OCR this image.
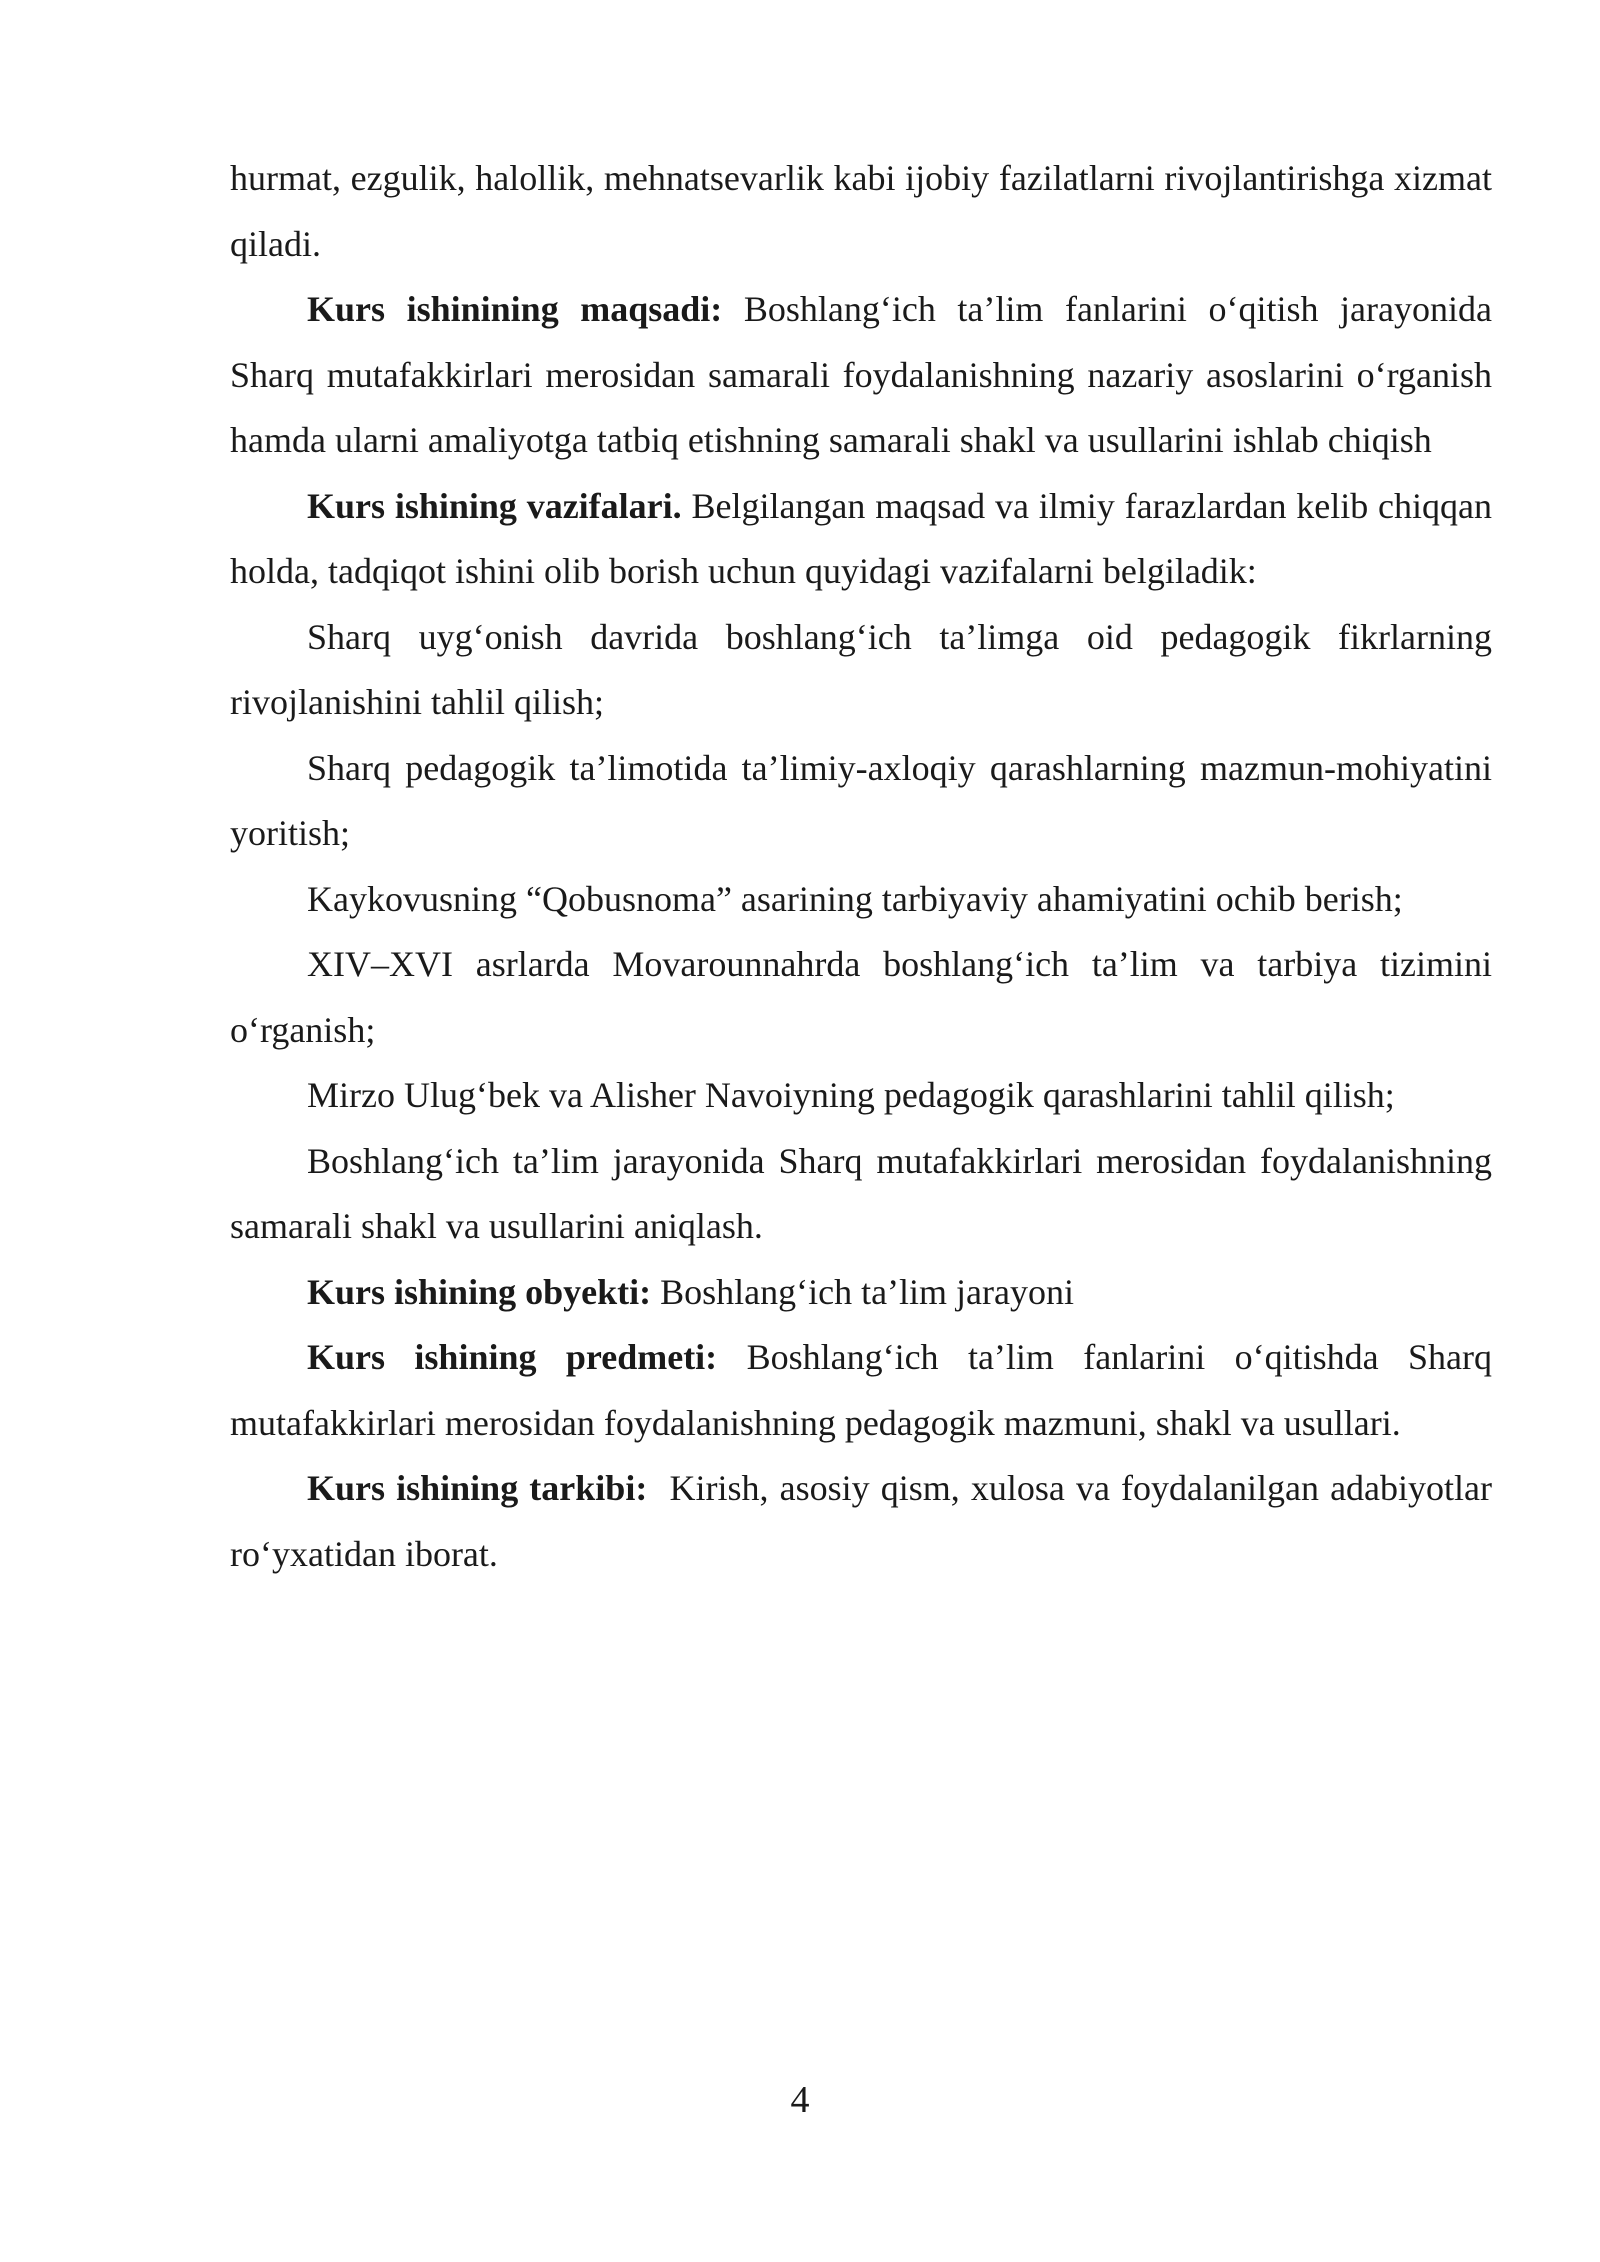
hurmat, ezgulik, halollik, mehnatsevarlik kabi ijobiy fazilatlarni rivojlantirishga xizmat qiladi.

Kurs ishinining maqsadi: Boshlang‘ich ta’lim fanlarini o‘qitish jarayonida Sharq mutafakkirlari merosidan samarali foydalanishning nazariy asoslarini o‘rganish hamda ularni amaliyotga tatbiq etishning samarali shakl va usullarini ishlab chiqish

Kurs ishining vazifalari. Belgilangan maqsad va ilmiy farazlardan kelib chiqqan holda, tadqiqot ishini olib borish uchun quyidagi vazifalarni belgiladik:

Sharq uyg‘onish davrida boshlang‘ich ta’limga oid pedagogik fikrlarning rivojlanishini tahlil qilish;

Sharq pedagogik ta’limotida ta’limiy-axloqiy qarashlarning mazmun-mohiyatini yoritish;

Kaykovusning “Qobusnoma” asarining tarbiyaviy ahamiyatini ochib berish;

XIV–XVI asrlarda Movarounnahrda boshlang‘ich ta’lim va tarbiya tizimini o‘rganish;

Mirzo Ulug‘bek va Alisher Navoiyning pedagogik qarashlarini tahlil qilish;

Boshlang‘ich ta’lim jarayonida Sharq mutafakkirlari merosidan foydalanishning samarali shakl va usullarini aniqlash.

Kurs ishining obyekti: Boshlang‘ich ta’lim jarayoni

Kurs ishining predmeti: Boshlang‘ich ta’lim fanlarini o‘qitishda Sharq mutafakkirlari merosidan foydalanishning pedagogik mazmuni, shakl va usullari.

Kurs ishining tarkibi:  Kirish, asosiy qism, xulosa va foydalanilgan adabiyotlar ro‘yxatidan iborat.

4
